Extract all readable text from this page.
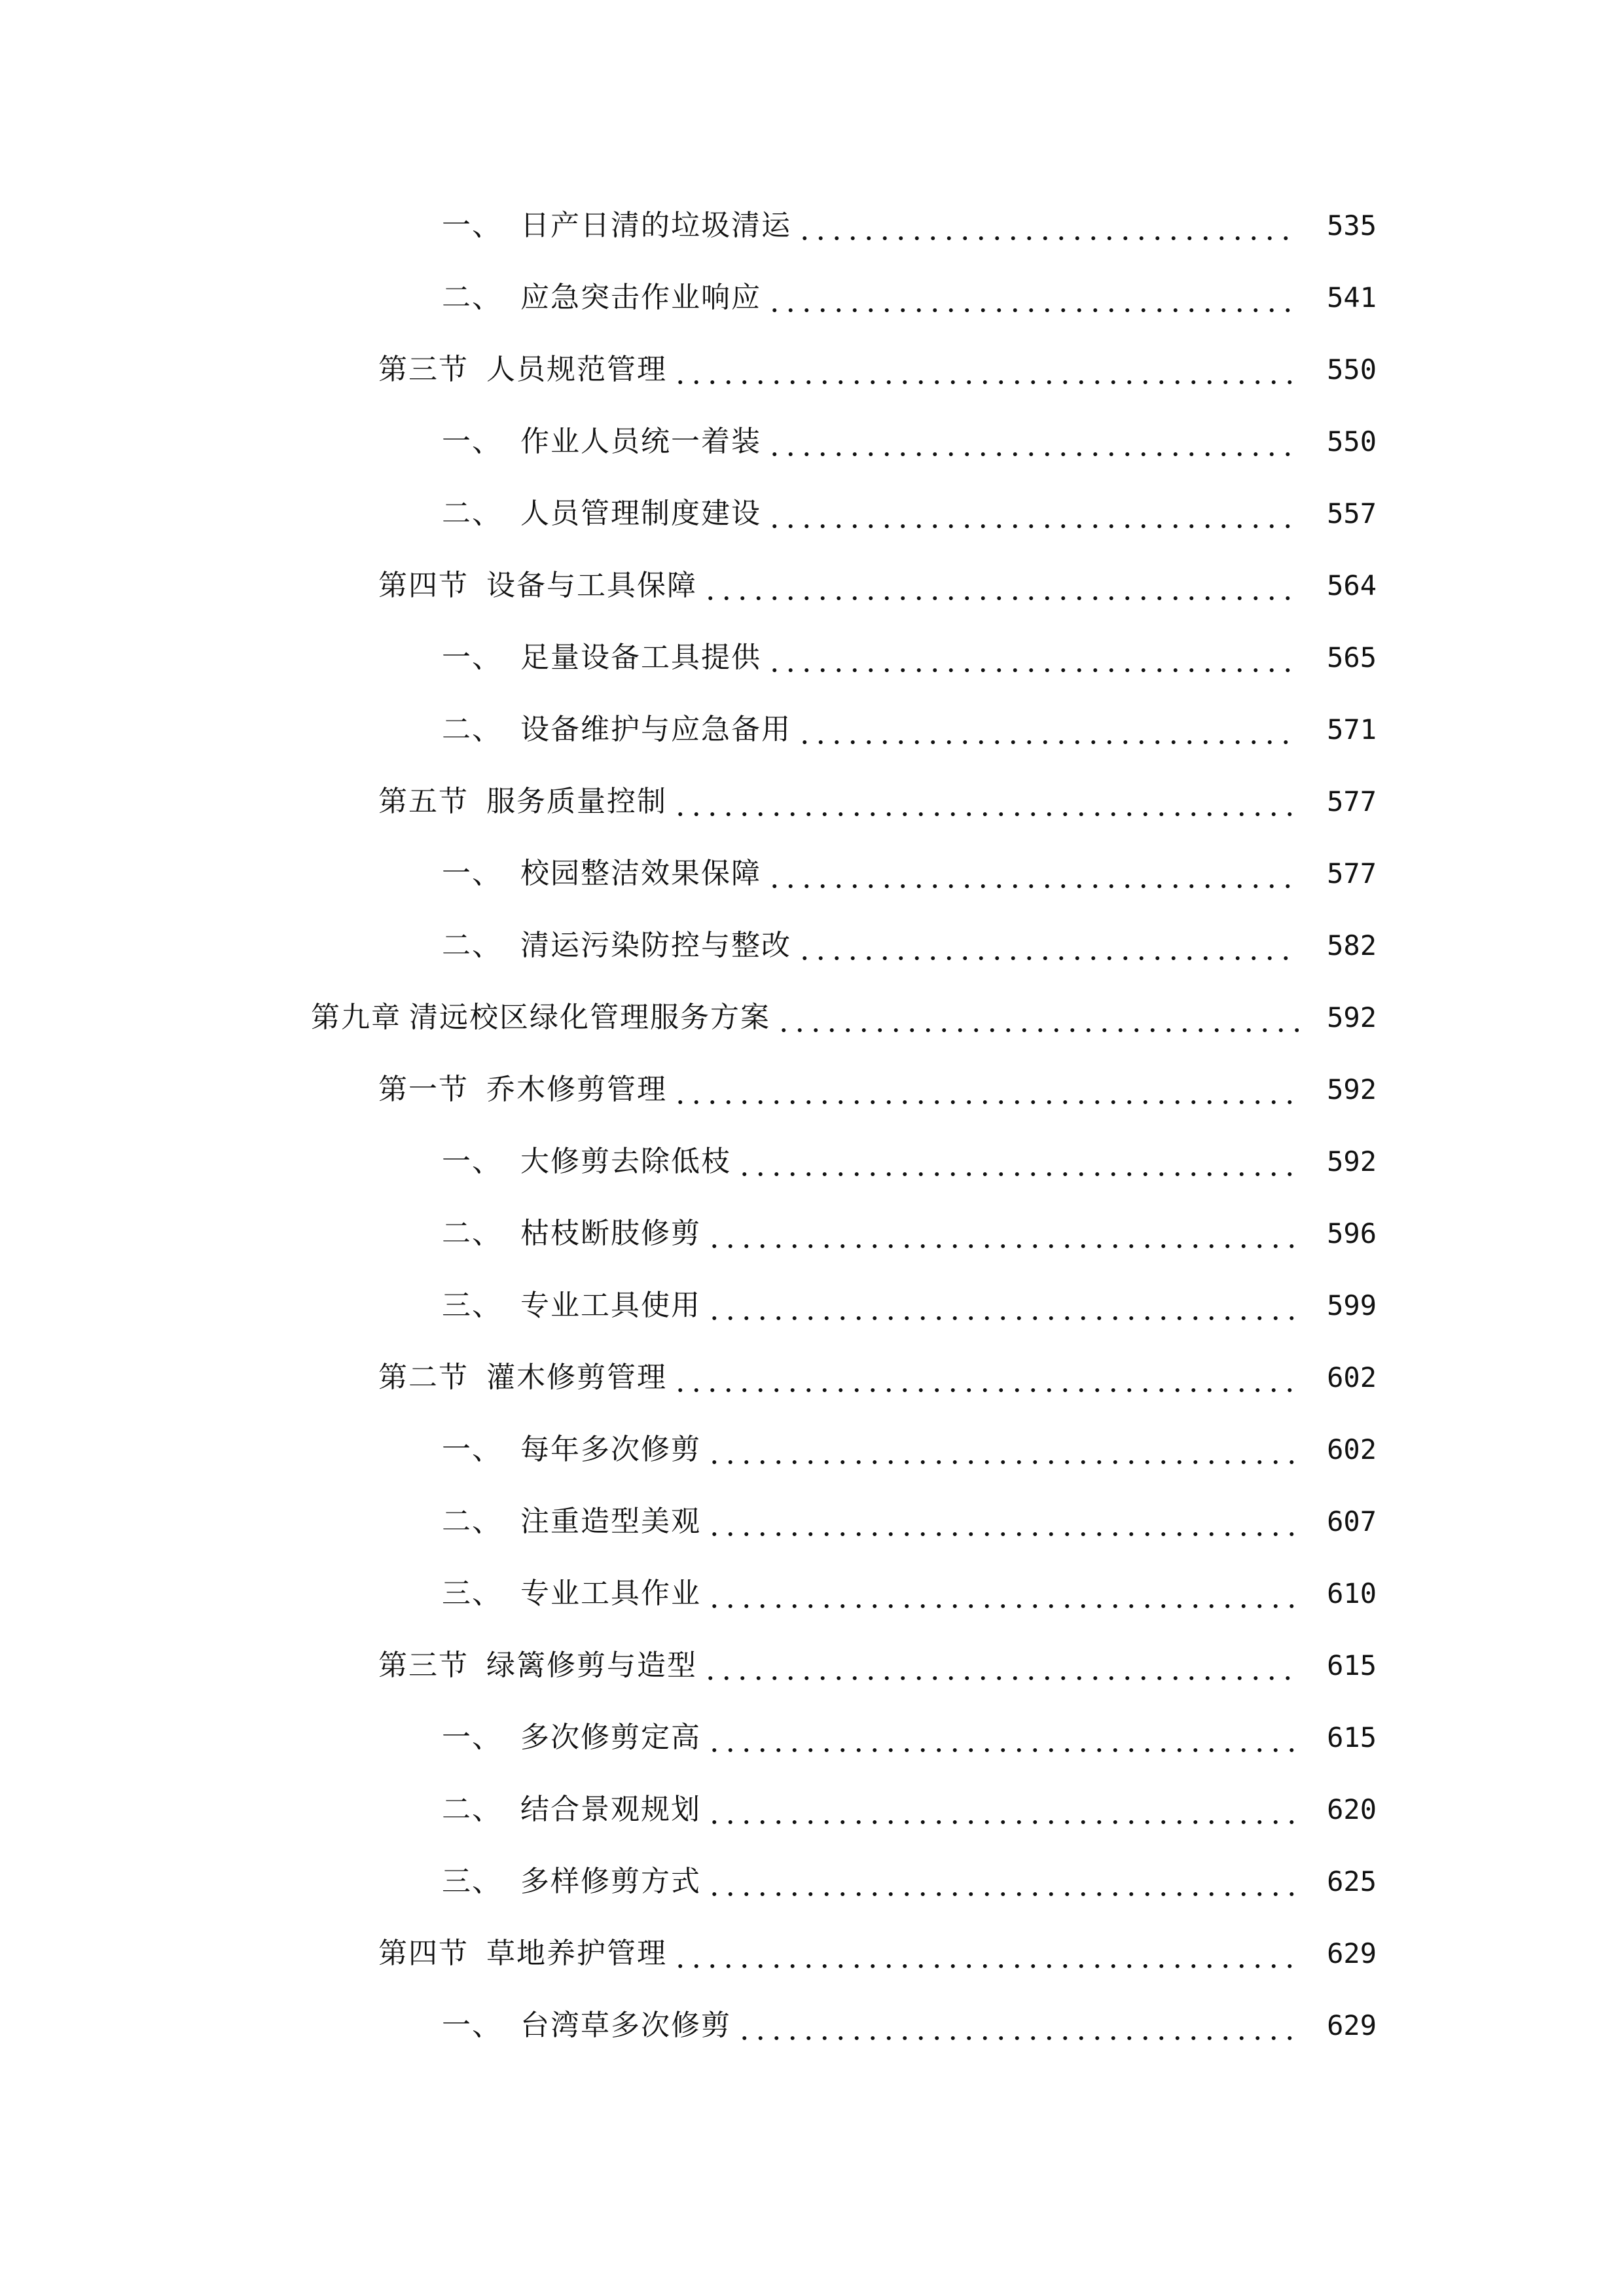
一、 日产日清的垃圾清运	535
二、 应急突击作业响应	541
第三节 人员规范管理	550
一、 作业人员统一着装	550
二、 人员管理制度建设	557
第四节 设备与工具保障	564
一、 足量设备工具提供	565
二、 设备维护与应急备用	571
第五节 服务质量控制	577
一、 校园整洁效果保障	577
二、 清运污染防控与整改	582
第九章 清远校区绿化管理服务方案	592
第一节 乔木修剪管理	592
一、 大修剪去除低枝	592
二、 枯枝断肢修剪	596
三、 专业工具使用	599
第二节 灌木修剪管理	602
一、 每年多次修剪	602
二、 注重造型美观	607
三、 专业工具作业	610
第三节 绿篱修剪与造型	615
一、 多次修剪定高	615
二、 结合景观规划	620
三、 多样修剪方式	625
第四节 草地养护管理	629
一、 台湾草多次修剪	629
